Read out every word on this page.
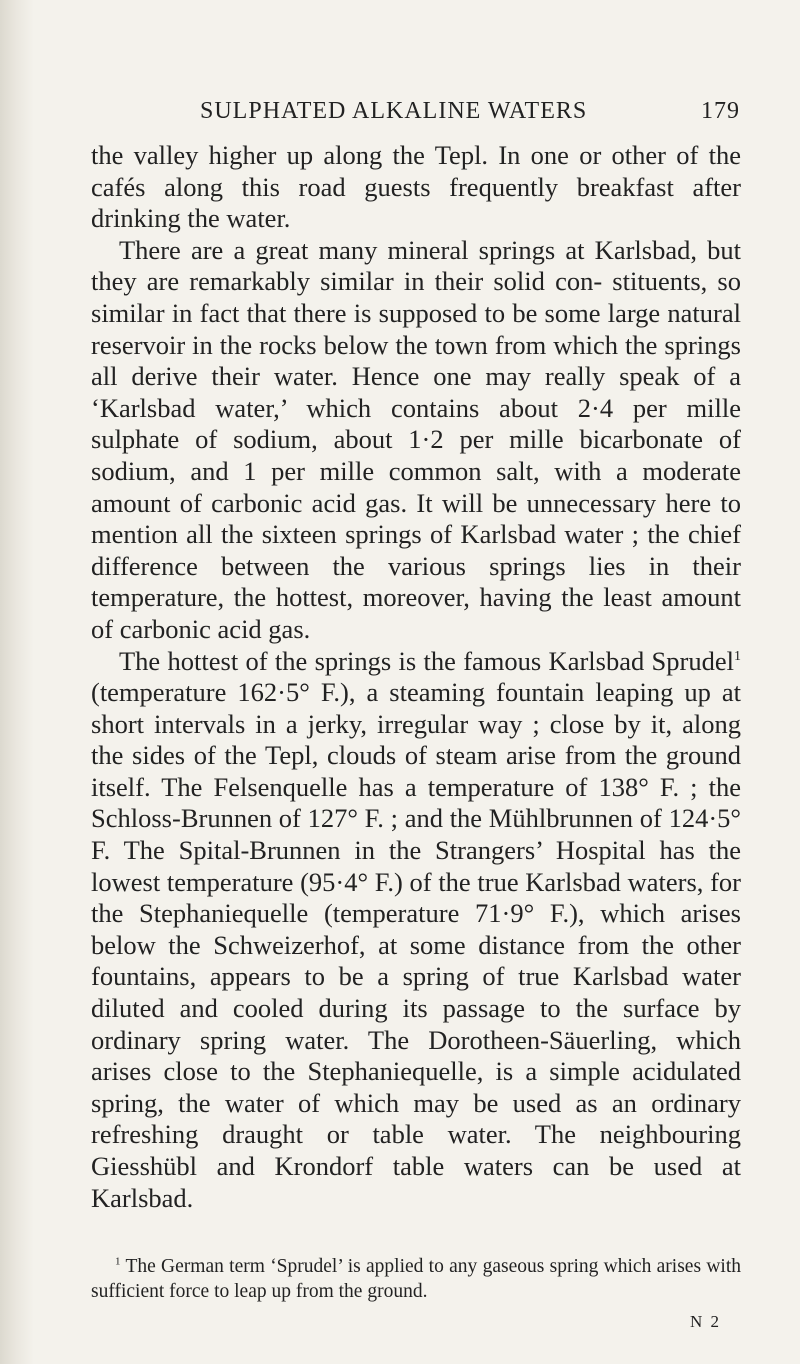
SULPHATED ALKALINE WATERS	179

the valley higher up along the Tepl. In one or other of the cafés along this road guests frequently breakfast after drinking the water.

There are a great many mineral springs at Karlsbad, but they are remarkably similar in their solid con- stituents, so similar in fact that there is supposed to be some large natural reservoir in the rocks below the town from which the springs all derive their water. Hence one may really speak of a ‘Karlsbad water,’ which contains about 2·4 per mille sulphate of sodium, about 1·2 per mille bicarbonate of sodium, and 1 per mille common salt, with a moderate amount of carbonic acid gas. It will be unnecessary here to mention all the sixteen springs of Karlsbad water ; the chief difference between the various springs lies in their temperature, the hottest, moreover, having the least amount of carbonic acid gas.

The hottest of the springs is the famous Karlsbad Sprudel$^1$ (temperature 162·5° F.), a steaming fountain leaping up at short intervals in a jerky, irregular way ; close by it, along the sides of the Tepl, clouds of steam arise from the ground itself. The Felsenquelle has a temperature of 138° F. ; the Schloss-Brunnen of 127° F. ; and the Mühlbrunnen of 124·5° F. The Spital-Brunnen in the Strangers’ Hospital has the lowest temperature (95·4° F.) of the true Karlsbad waters, for the Stephaniequelle (temperature 71·9° F.), which arises below the Schweizerhof, at some distance from the other fountains, appears to be a spring of true Karlsbad water diluted and cooled during its passage to the surface by ordinary spring water. The Dorotheen-Säuerling, which arises close to the Stephaniequelle, is a simple acidulated spring, the water of which may be used as an ordinary refreshing draught or table water. The neighbouring Giesshübl and Krondorf table waters can be used at Karlsbad.

$^1$ The German term ‘Sprudel’ is applied to any gaseous spring which arises with sufficient force to leap up from the ground.
N 2
